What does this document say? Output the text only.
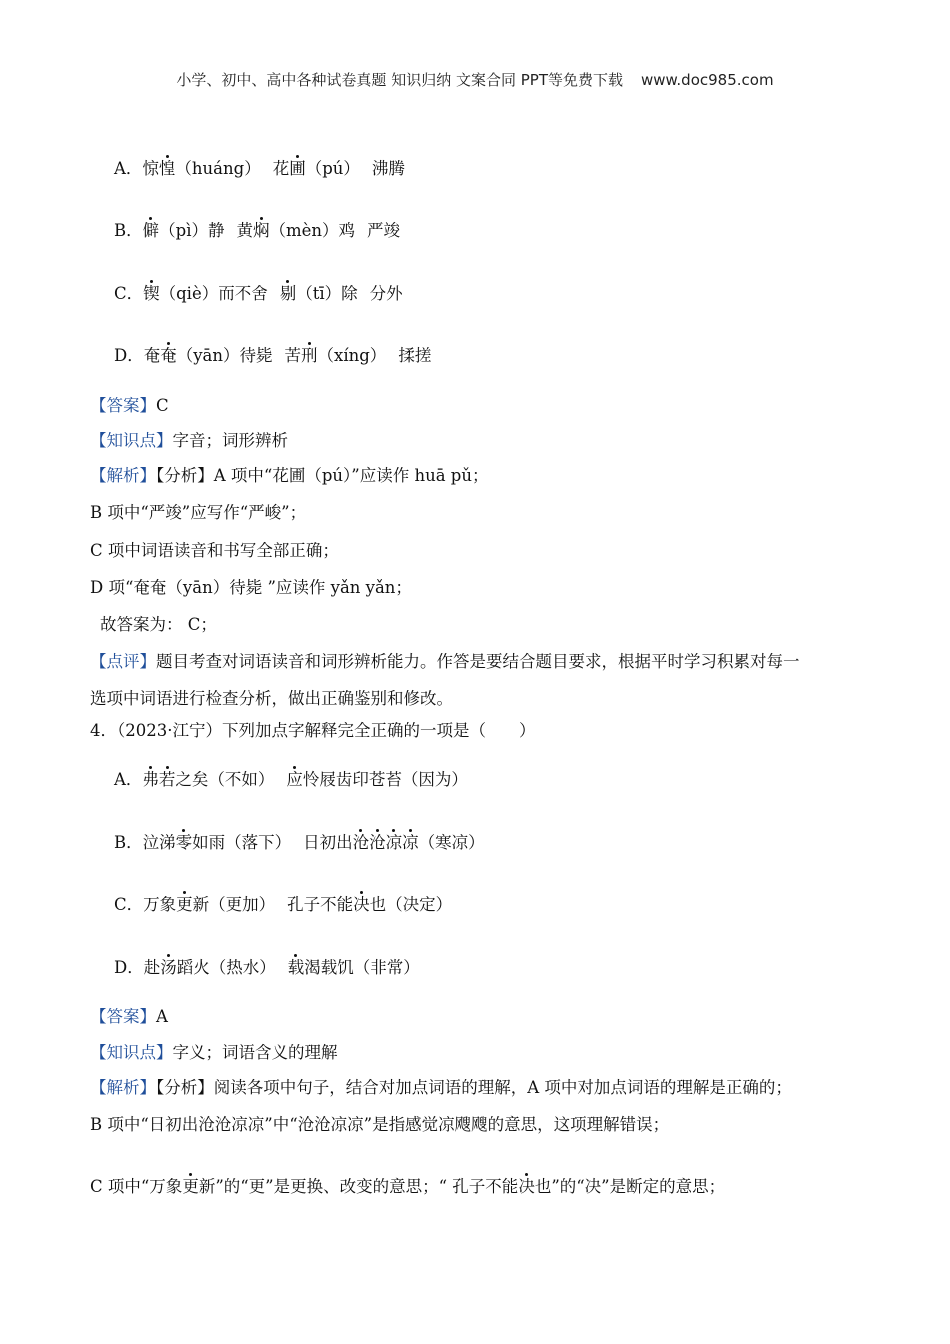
小学、初中、高中各种试卷真题 知识归纳 文案合同 PPT等免费下载 www.doc985.com
A．惊惶（huáng） 花圃（pú） 沸腾
B．僻（pì）静 黄焖（mèn）鸡 严竣
C．锲（qiè）而不舍 剔（tī）除 分外
D．奄奄（yān）待毙 苦刑（xíng） 揉搓
【答案】C
【知识点】字音；词形辨析
【解析】【分析】A 项中“花圃（pú）”应读作 huā pǔ；
B 项中“严竣”应写作“严峻”；
C 项中词语读音和书写全部正确；
D 项“奄奄（yān）待毙 ”应读作 yǎn yǎn；
故答案为： C；
【点评】题目考查对词语读音和词形辨析能力。作答是要结合题目要求，根据平时学习积累对每一
选项中词语进行检查分析，做出正确鉴别和修改。
4．（2023·江宁）下列加点字解释完全正确的一项是（　　）
A．弗若之矣（不如） 应怜屐齿印苍苔（因为）
B．泣涕零如雨（落下） 日初出沧沧凉凉（寒凉）
C．万象更新（更加） 孔子不能决也（决定）
D．赴汤蹈火（热水） 载渴载饥（非常）
【答案】A
【知识点】字义；词语含义的理解
【解析】【分析】阅读各项中句子，结合对加点词语的理解，A 项中对加点词语的理解是正确的；
B 项中“日初出沧沧凉凉”中“沧沧凉凉”是指感觉凉飕飕的意思，这项理解错误；
C 项中“万象更新”的“更”是更换、改变的意思；“ 孔子不能决也”的“决”是断定的意思；
